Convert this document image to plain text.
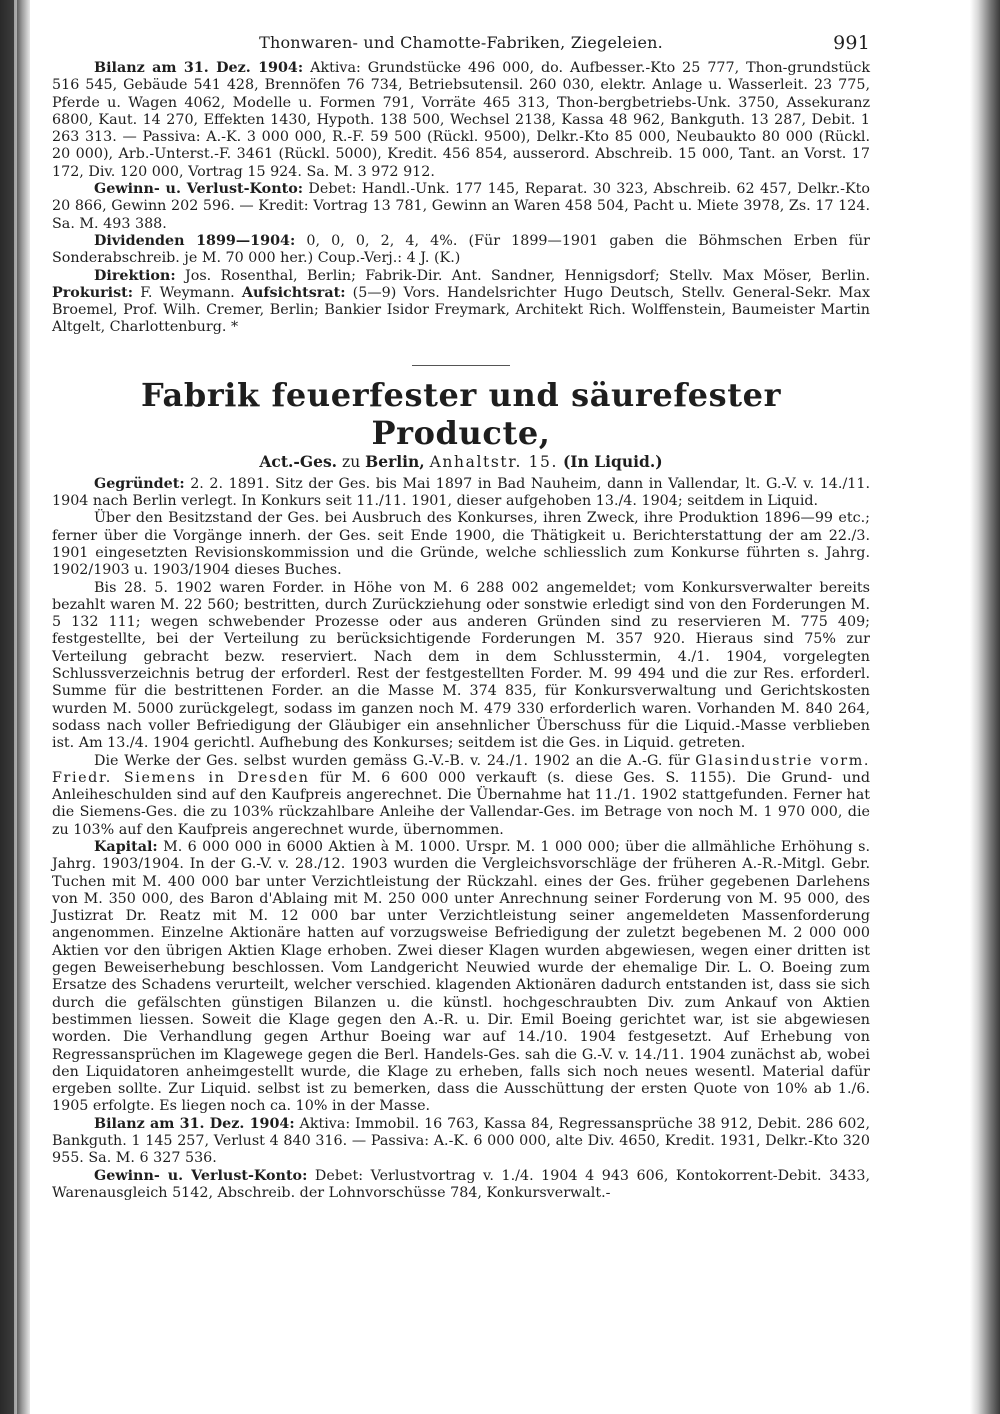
Thonwaren- und Chamotte-Fabriken, Ziegeleien.	991

Bilanz am 31. Dez. 1904: Aktiva: Grundstücke 496 000, do. Aufbesser.-Kto 25 777, Thon-grundstück 516 545, Gebäude 541 428, Brennöfen 76 734, Betriebsutensil. 260 030, elektr. Anlage u. Wasserleit. 23 775, Pferde u. Wagen 4062, Modelle u. Formen 791, Vorräte 465 313, Thon-bergbetriebs-Unk. 3750, Assekuranz 6800, Kaut. 14 270, Effekten 1430, Hypoth. 138 500, Wechsel 2138, Kassa 48 962, Bankguth. 13 287, Debit. 1 263 313. — Passiva: A.-K. 3 000 000, R.-F. 59 500 (Rückl. 9500), Delkr.-Kto 85 000, Neubaukto 80 000 (Rückl. 20 000), Arb.-Unterst.-F. 3461 (Rückl. 5000), Kredit. 456 854, ausserord. Abschreib. 15 000, Tant. an Vorst. 17 172, Div. 120 000, Vortrag 15 924. Sa. M. 3 972 912.

Gewinn- u. Verlust-Konto: Debet: Handl.-Unk. 177 145, Reparat. 30 323, Abschreib. 62 457, Delkr.-Kto 20 866, Gewinn 202 596. — Kredit: Vortrag 13 781, Gewinn an Waren 458 504, Pacht u. Miete 3978, Zs. 17 124. Sa. M. 493 388.

Dividenden 1899—1904: 0, 0, 0, 2, 4, 4%. (Für 1899—1901 gaben die Böhmschen Erben für Sonderabschreib. je M. 70 000 her.) Coup.-Verj.: 4 J. (K.)

Direktion: Jos. Rosenthal, Berlin; Fabrik-Dir. Ant. Sandner, Hennigsdorf; Stellv. Max Möser, Berlin. Prokurist: F. Weymann. Aufsichtsrat: (5—9) Vors. Handelsrichter Hugo Deutsch, Stellv. General-Sekr. Max Broemel, Prof. Wilh. Cremer, Berlin; Bankier Isidor Freymark, Architekt Rich. Wolffenstein, Baumeister Martin Altgelt, Charlottenburg. *

Fabrik feuerfester und säurefester Producte,
Act.-Ges. zu Berlin, Anhaltstr. 15. (In Liquid.)

Gegründet: 2. 2. 1891. Sitz der Ges. bis Mai 1897 in Bad Nauheim, dann in Vallendar, lt. G.-V. v. 14./11. 1904 nach Berlin verlegt. In Konkurs seit 11./11. 1901, dieser aufgehoben 13./4. 1904; seitdem in Liquid.

Über den Besitzstand der Ges. bei Ausbruch des Konkurses, ihren Zweck, ihre Produktion 1896—99 etc.; ferner über die Vorgänge innerh. der Ges. seit Ende 1900, die Thätigkeit u. Berichterstattung der am 22./3. 1901 eingesetzten Revisionskommission und die Gründe, welche schliesslich zum Konkurse führten s. Jahrg. 1902/1903 u. 1903/1904 dieses Buches.

Bis 28. 5. 1902 waren Forder. in Höhe von M. 6 288 002 angemeldet; vom Konkursverwalter bereits bezahlt waren M. 22 560; bestritten, durch Zurückziehung oder sonstwie erledigt sind von den Forderungen M. 5 132 111; wegen schwebender Prozesse oder aus anderen Gründen sind zu reservieren M. 775 409; festgestellte, bei der Verteilung zu berücksichtigende Forderungen M. 357 920. Hieraus sind 75% zur Verteilung gebracht bezw. reserviert. Nach dem in dem Schlusstermin, 4./1. 1904, vorgelegten Schlussverzeichnis betrug der erforderl. Rest der festgestellten Forder. M. 99 494 und die zur Res. erforderl. Summe für die bestrittenen Forder. an die Masse M. 374 835, für Konkursverwaltung und Gerichtskosten wurden M. 5000 zurückgelegt, sodass im ganzen noch M. 479 330 erforderlich waren. Vorhanden M. 840 264, sodass nach voller Befriedigung der Gläubiger ein ansehnlicher Überschuss für die Liquid.-Masse verblieben ist. Am 13./4. 1904 gerichtl. Aufhebung des Konkurses; seitdem ist die Ges. in Liquid. getreten.

Die Werke der Ges. selbst wurden gemäss G.-V.-B. v. 24./1. 1902 an die A.-G. für Glasindustrie vorm. Friedr. Siemens in Dresden für M. 6 600 000 verkauft (s. diese Ges. S. 1155). Die Grund- und Anleiheschulden sind auf den Kaufpreis angerechnet. Die Übernahme hat 11./1. 1902 stattgefunden. Ferner hat die Siemens-Ges. die zu 103% rückzahlbare Anleihe der Vallendar-Ges. im Betrage von noch M. 1 970 000, die zu 103% auf den Kaufpreis angerechnet wurde, übernommen.

Kapital: M. 6 000 000 in 6000 Aktien à M. 1000. Urspr. M. 1 000 000; über die allmähliche Erhöhung s. Jahrg. 1903/1904. In der G.-V. v. 28./12. 1903 wurden die Vergleichsvorschläge der früheren A.-R.-Mitgl. Gebr. Tuchen mit M. 400 000 bar unter Verzichtleistung der Rückzahl. eines der Ges. früher gegebenen Darlehens von M. 350 000, des Baron d'Ablaing mit M. 250 000 unter Anrechnung seiner Forderung von M. 95 000, des Justizrat Dr. Reatz mit M. 12 000 bar unter Verzichtleistung seiner angemeldeten Massenforderung angenommen. Einzelne Aktionäre hatten auf vorzugsweise Befriedigung der zuletzt begebenen M. 2 000 000 Aktien vor den übrigen Aktien Klage erhoben. Zwei dieser Klagen wurden abgewiesen, wegen einer dritten ist gegen Beweiserhebung beschlossen. Vom Landgericht Neuwied wurde der ehemalige Dir. L. O. Boeing zum Ersatze des Schadens verurteilt, welcher verschied. klagenden Aktionären dadurch entstanden ist, dass sie sich durch die gefälschten günstigen Bilanzen u. die künstl. hochgeschraubten Div. zum Ankauf von Aktien bestimmen liessen. Soweit die Klage gegen den A.-R. u. Dir. Emil Boeing gerichtet war, ist sie abgewiesen worden. Die Verhandlung gegen Arthur Boeing war auf 14./10. 1904 festgesetzt. Auf Erhebung von Regressansprüchen im Klagewege gegen die Berl. Handels-Ges. sah die G.-V. v. 14./11. 1904 zunächst ab, wobei den Liquidatoren anheimgestellt wurde, die Klage zu erheben, falls sich noch neues wesentl. Material dafür ergeben sollte. Zur Liquid. selbst ist zu bemerken, dass die Ausschüttung der ersten Quote von 10% ab 1./6. 1905 erfolgte. Es liegen noch ca. 10% in der Masse.

Bilanz am 31. Dez. 1904: Aktiva: Immobil. 16 763, Kassa 84, Regressansprüche 38 912, Debit. 286 602, Bankguth. 1 145 257, Verlust 4 840 316. — Passiva: A.-K. 6 000 000, alte Div. 4650, Kredit. 1931, Delkr.-Kto 320 955. Sa. M. 6 327 536.

Gewinn- u. Verlust-Konto: Debet: Verlustvortrag v. 1./4. 1904 4 943 606, Kontokorrent-Debit. 3433, Warenausgleich 5142, Abschreib. der Lohnvorschüsse 784, Konkursverwalt.-
